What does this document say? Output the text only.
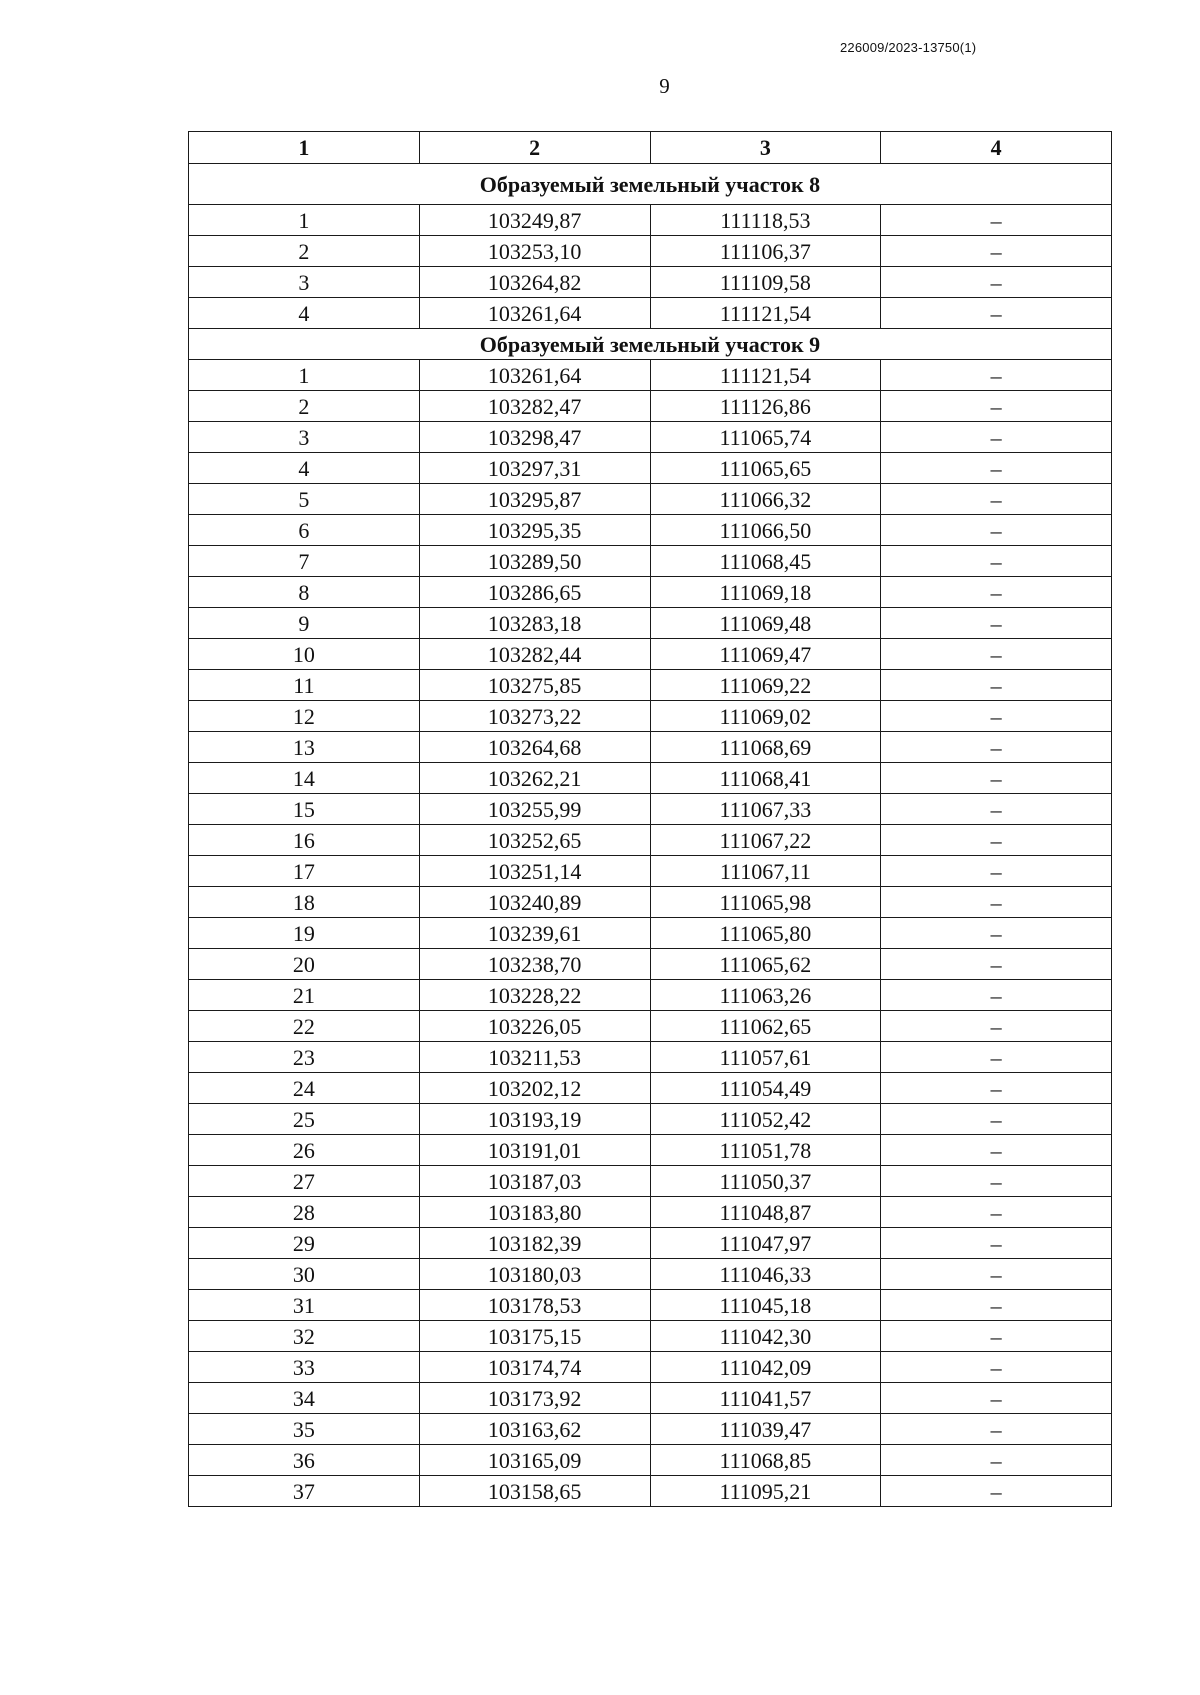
226009/2023-13750(1)
9
1	2	3	4
Образуемый земельный участок 8			
1	103249,87	111118,53	–
2	103253,10	111106,37	–
3	103264,82	111109,58	–
4	103261,64	111121,54	–
Образуемый земельный участок 9			
1	103261,64	111121,54	–
2	103282,47	111126,86	–
3	103298,47	111065,74	–
4	103297,31	111065,65	–
5	103295,87	111066,32	–
6	103295,35	111066,50	–
7	103289,50	111068,45	–
8	103286,65	111069,18	–
9	103283,18	111069,48	–
10	103282,44	111069,47	–
11	103275,85	111069,22	–
12	103273,22	111069,02	–
13	103264,68	111068,69	–
14	103262,21	111068,41	–
15	103255,99	111067,33	–
16	103252,65	111067,22	–
17	103251,14	111067,11	–
18	103240,89	111065,98	–
19	103239,61	111065,80	–
20	103238,70	111065,62	–
21	103228,22	111063,26	–
22	103226,05	111062,65	–
23	103211,53	111057,61	–
24	103202,12	111054,49	–
25	103193,19	111052,42	–
26	103191,01	111051,78	–
27	103187,03	111050,37	–
28	103183,80	111048,87	–
29	103182,39	111047,97	–
30	103180,03	111046,33	–
31	103178,53	111045,18	–
32	103175,15	111042,30	–
33	103174,74	111042,09	–
34	103173,92	111041,57	–
35	103163,62	111039,47	–
36	103165,09	111068,85	–
37	103158,65	111095,21	–
